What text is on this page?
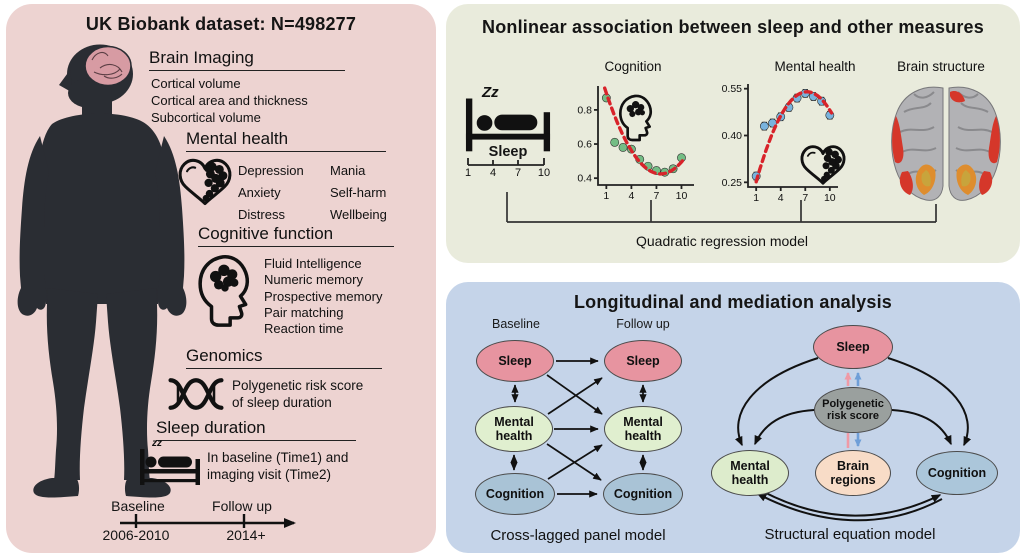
UK Biobank dataset: N=498277
Brain Imaging
Cortical volume
Cortical area and thickness
Subcortical volume
Mental health
Depression	Mania
Anxiety	Self-harm
Distress	Wellbeing
Cognitive function
Fluid Intelligence
Numeric memory
Prospective memory
Pair matching
Reaction time
Genomics
Polygenetic risk score
of sleep duration
Sleep duration
zz
In baseline (Time1) and
imaging visit (Time2)
Baseline	Follow up
2006-2010	2014+
Nonlinear association between sleep and other measures
Zz
Sleep
1	4	7	10
Cognition
0.4
0.6
0.8
1 4 7 10
Mental health
0.25
0.40
0.55
1 4 7 10
Brain structure
Quadratic regression model
Longitudinal and mediation analysis
Baseline	Follow up
Sleep	Sleep
Mental
health
Mental
health
Cognition	Cognition
Cross-lagged panel model
Sleep
Polygenetic
risk score
Brain
regions
Mental
health	Cognition
Structural equation model
